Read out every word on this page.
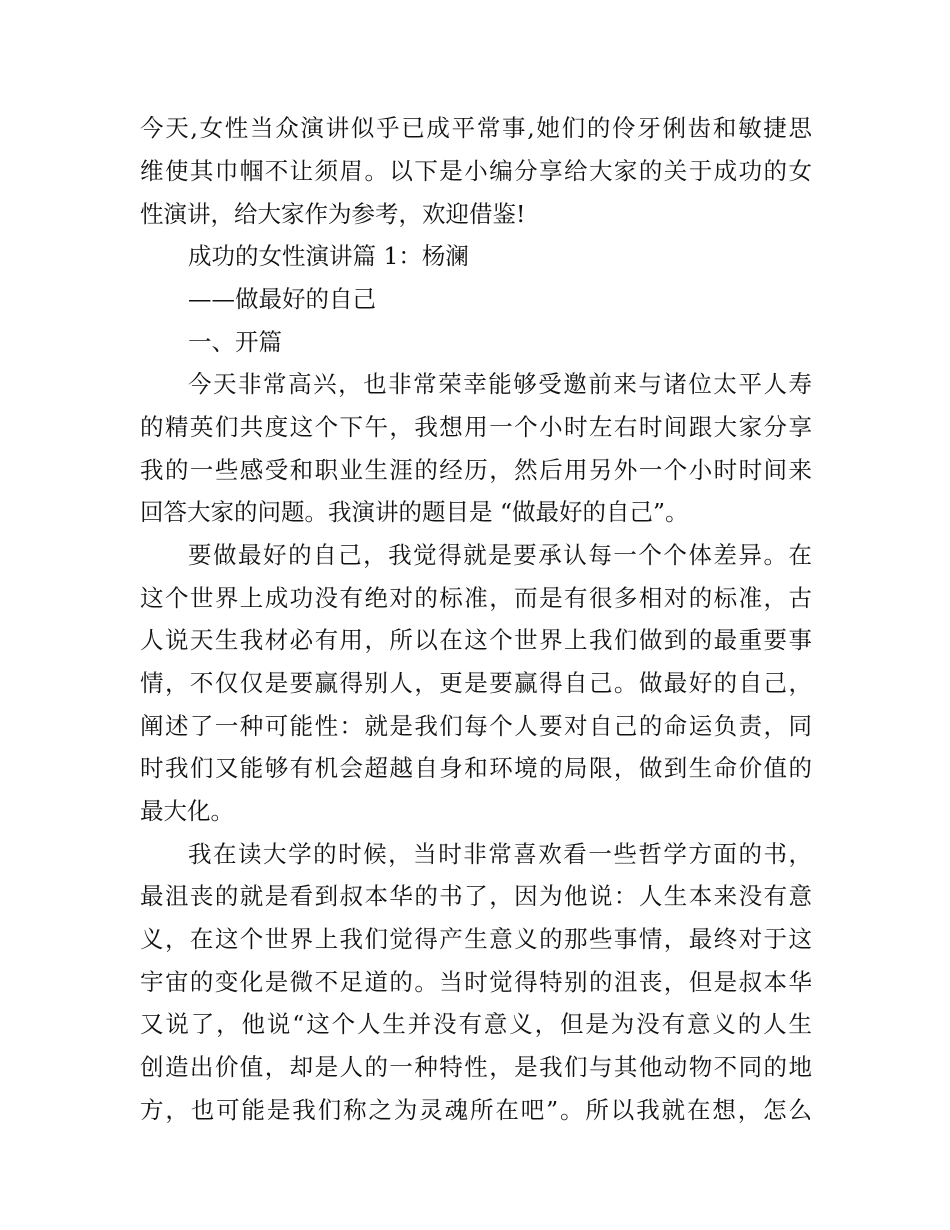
今天,女性当众演讲似乎已成平常事,她们的伶牙俐齿和敏捷思
维使其巾帼不让须眉。以下是小编分享给大家的关于成功的女
性演讲，给大家作为参考，欢迎借鉴!
成功的女性演讲篇 1：杨澜
——做最好的自己
一、开篇
今天非常高兴，也非常荣幸能够受邀前来与诸位太平人寿
的精英们共度这个下午，我想用一个小时左右时间跟大家分享
我的一些感受和职业生涯的经历，然后用另外一个小时时间来
回答大家的问题。我演讲的题目是 “做最好的自己”。
要做最好的自己，我觉得就是要承认每一个个体差异。在
这个世界上成功没有绝对的标准，而是有很多相对的标准，古
人说天生我材必有用，所以在这个世界上我们做到的最重要事
情，不仅仅是要赢得别人，更是要赢得自己。做最好的自己，
阐述了一种可能性：就是我们每个人要对自己的命运负责，同
时我们又能够有机会超越自身和环境的局限，做到生命价值的
最大化。
我在读大学的时候，当时非常喜欢看一些哲学方面的书，
最沮丧的就是看到叔本华的书了，因为他说：人生本来没有意
义，在这个世界上我们觉得产生意义的那些事情，最终对于这
宇宙的变化是微不足道的。当时觉得特别的沮丧，但是叔本华
又说了，他说“这个人生并没有意义，但是为没有意义的人生
创造出价值，却是人的一种特性，是我们与其他动物不同的地
方，也可能是我们称之为灵魂所在吧”。所以我就在想，怎么
